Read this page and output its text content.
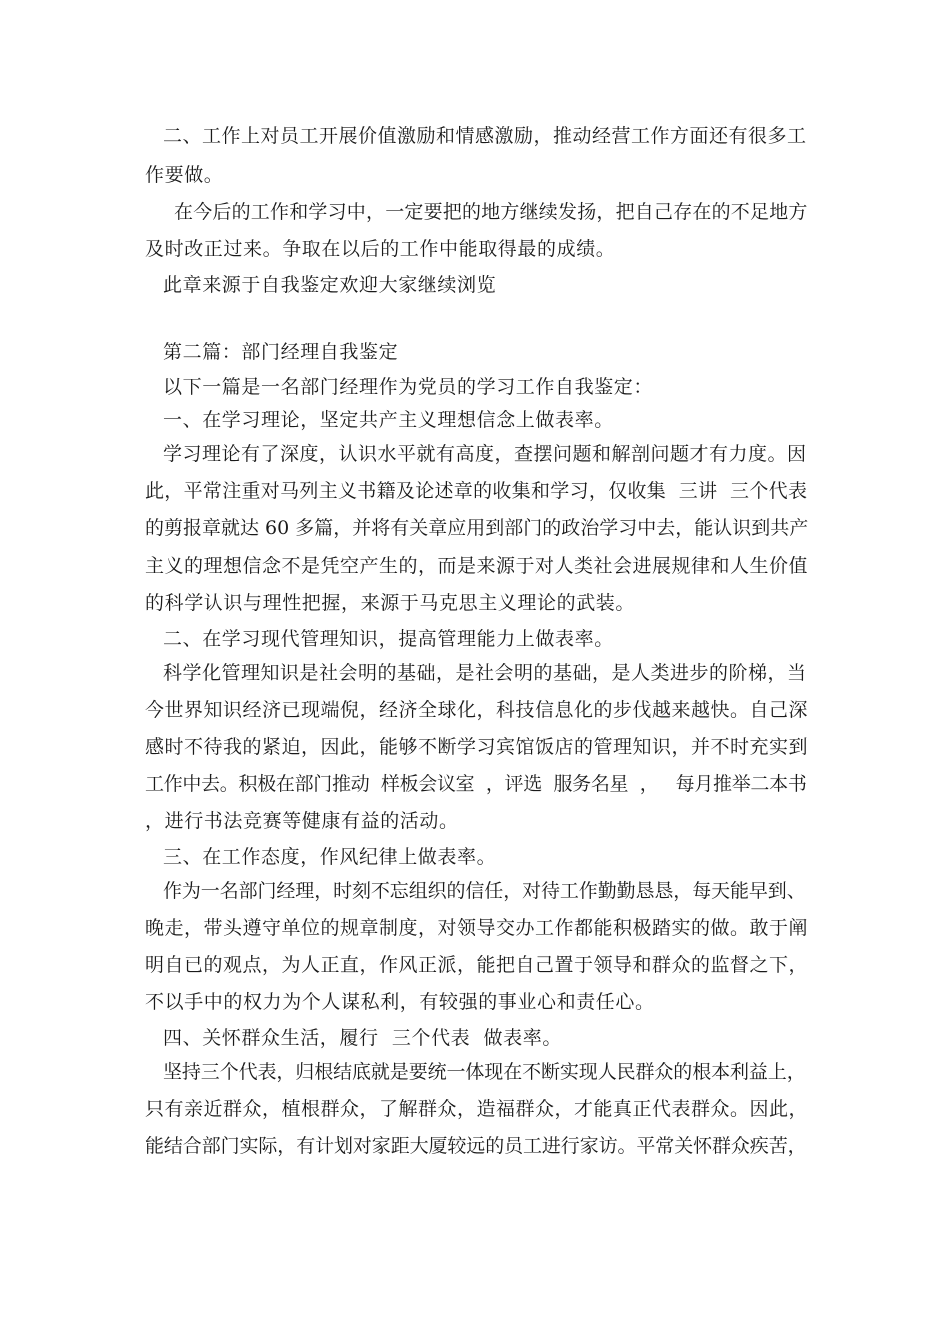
二、工作上对员工开展价值激励和情感激励，推动经营工作方面还有很多工
作要做。
在今后的工作和学习中，一定要把的地方继续发扬，把自己存在的不足地方
及时改正过来。争取在以后的工作中能取得最的成绩。
此章来源于自我鉴定欢迎大家继续浏览
第二篇：部门经理自我鉴定
以下一篇是一名部门经理作为党员的学习工作自我鉴定：
一、在学习理论，坚定共产主义理想信念上做表率。
学习理论有了深度，认识水平就有高度，查摆问题和解剖问题才有力度。因
此，平常注重对马列主义书籍及论述章的收集和学习，仅收集  三讲  三个代表
的剪报章就达 60 多篇，并将有关章应用到部门的政治学习中去，能认识到共产
主义的理想信念不是凭空产生的，而是来源于对人类社会进展规律和人生价值
的科学认识与理性把握，来源于马克思主义理论的武装。
二、在学习现代管理知识，提高管理能力上做表率。
科学化管理知识是社会明的基础，是社会明的基础，是人类进步的阶梯，当
今世界知识经济已现端倪，经济全球化，科技信息化的步伐越来越快。自己深
感时不待我的紧迫，因此，能够不断学习宾馆饭店的管理知识，并不时充实到
工作中去。积极在部门推动  样板会议室  ，评选  服务名星  ，   每月推举二本书
，进行书法竞赛等健康有益的活动。
三、在工作态度，作风纪律上做表率。
作为一名部门经理，时刻不忘组织的信任，对待工作勤勤恳恳，每天能早到、
晚走，带头遵守单位的规章制度，对领导交办工作都能积极踏实的做。敢于阐
明自已的观点，为人正直，作风正派，能把自己置于领导和群众的监督之下，
不以手中的权力为个人谋私利，有较强的事业心和责任心。
四、关怀群众生活，履行  三个代表  做表率。
坚持三个代表，归根结底就是要统一体现在不断实现人民群众的根本利益上，
只有亲近群众，植根群众，了解群众，造福群众，才能真正代表群众。因此，
能结合部门实际，有计划对家距大厦较远的员工进行家访。平常关怀群众疾苦，
